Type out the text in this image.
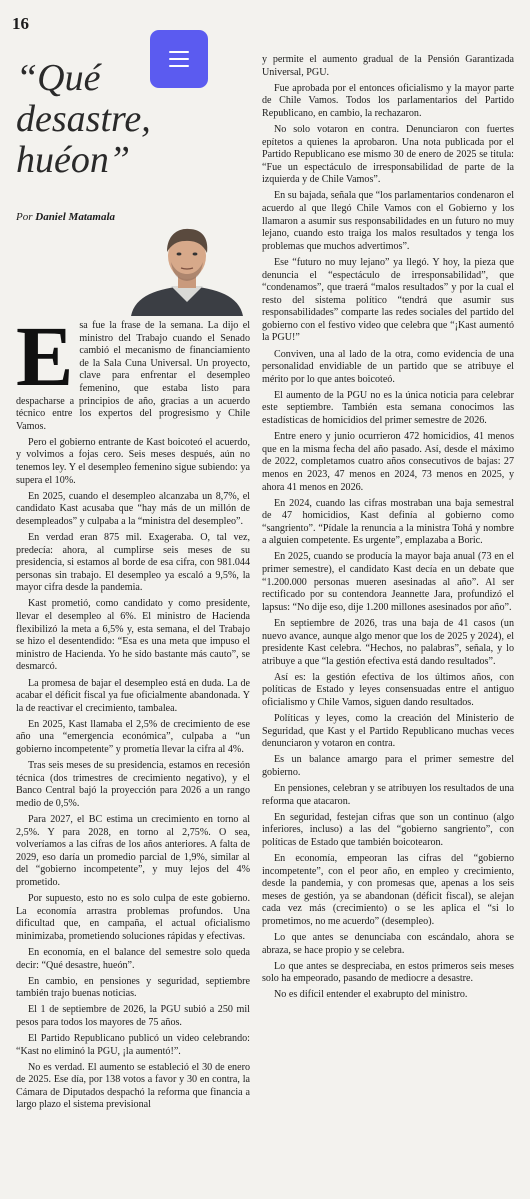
16
“Qué
desastre,
huéon”
Por Daniel Matamala

Esa fue la frase de la semana. La dijo el ministro del Trabajo cuando el Senado cambió el mecanismo de financiamiento de la Sala Cuna Universal. Un proyecto, clave para enfrentar el desempleo femenino, que estaba listo para despacharse a principios de año, gracias a un acuerdo técnico entre los expertos del progresismo y Chile Vamos.

Pero el gobierno entrante de Kast boicoteó el acuerdo, y volvimos a fojas cero. Seis meses después, aún no tenemos ley. Y el desempleo femenino sigue subiendo: ya supera el 10%.

En 2025, cuando el desempleo alcanzaba un 8,7%, el candidato Kast acusaba que “hay más de un millón de desempleados” y culpaba a la “ministra del desempleo”.

En verdad eran 875 mil. Exageraba. O, tal vez, predecía: ahora, al cumplirse seis meses de su presidencia, si estamos al borde de esa cifra, con 981.044 personas sin trabajo. El desempleo ya escaló a 9,5%, la mayor cifra desde la pandemia.

Kast prometió, como candidato y como presidente, llevar el desempleo al 6%. El ministro de Hacienda flexibilizó la meta a 6,5% y, esta semana, el del Trabajo se hizo el desentendido: “Esa es una meta que impuso el ministro de Hacienda. Yo he sido bastante más cauto”, se desmarcó.

La promesa de bajar el desempleo está en duda. La de acabar el déficit fiscal ya fue oficialmente abandonada. Y la de reactivar el crecimiento, tambalea.

En 2025, Kast llamaba el 2,5% de crecimiento de ese año una “emergencia económica”, culpaba a “un gobierno incompetente” y prometía llevar la cifra al 4%.

Tras seis meses de su presidencia, estamos en recesión técnica (dos trimestres de crecimiento negativo), y el Banco Central bajó la proyección para 2026 a un rango medio de 0,5%.

Para 2027, el BC estima un crecimiento en torno al 2,5%. Y para 2028, en torno al 2,75%. O sea, volveríamos a las cifras de los años anteriores. A falta de 2029, eso daría un promedio parcial de 1,9%, similar al del “gobierno incompetente”, y muy lejos del 4% prometido.

Por supuesto, esto no es solo culpa de este gobierno. La economía arrastra problemas profundos. Una dificultad que, en campaña, el actual oficialismo minimizaba, prometiendo soluciones rápidas y efectivas.

En economía, en el balance del semestre solo queda decir: “Qué desastre, hueón”.

En cambio, en pensiones y seguridad, septiembre también trajo buenas noticias.

El 1 de septiembre de 2026, la PGU subió a 250 mil pesos para todos los mayores de 75 años.

El Partido Republicano publicó un video celebrando: “Kast no eliminó la PGU, ¡la aumentó!”.

No es verdad. El aumento se estableció el 30 de enero de 2025. Ese día, por 138 votos a favor y 30 en contra, la Cámara de Diputados despachó la reforma que financia a largo plazo el sistema previsional

y permite el aumento gradual de la Pensión Garantizada Universal, PGU.

Fue aprobada por el entonces oficialismo y la mayor parte de Chile Vamos. Todos los parlamentarios del Partido Republicano, en cambio, la rechazaron.

No solo votaron en contra. Denunciaron con fuertes epítetos a quienes la aprobaron. Una nota publicada por el Partido Republicano ese mismo 30 de enero de 2025 se titula: “Fue un espectáculo de irresponsabilidad de parte de la izquierda y de Chile Vamos”.

En su bajada, señala que “los parlamentarios condenaron el acuerdo al que llegó Chile Vamos con el Gobierno y los llamaron a asumir sus responsabilidades en un futuro no muy lejano, cuando esto traiga los malos resultados y tenga los problemas que muchos advertimos”.

Ese “futuro no muy lejano” ya llegó. Y hoy, la pieza que denuncia el “espectáculo de irresponsabilidad”, que “condenamos”, que traerá “malos resultados” y por la cual el resto del sistema político “tendrá que asumir sus responsabilidades” comparte las redes sociales del partido del gobierno con el festivo video que celebra que “¡Kast aumentó la PGU!”

Conviven, una al lado de la otra, como evidencia de una personalidad envidiable de un partido que se atribuye el mérito por lo que antes boicoteó.

El aumento de la PGU no es la única noticia para celebrar este septiembre. También esta semana conocimos las estadísticas de homicidios del primer semestre de 2026.

Entre enero y junio ocurrieron 472 homicidios, 41 menos que en la misma fecha del año pasado. Así, desde el máximo de 2022, completamos cuatro años consecutivos de bajas: 27 menos en 2023, 47 menos en 2024, 73 menos en 2025, y ahora 41 menos en 2026.

En 2024, cuando las cifras mostraban una baja semestral de 47 homicidios, Kast definía al gobierno como “sangriento”. “Pídale la renuncia a la ministra Tohá y nombre a alguien competente. Es urgente”, emplazaba a Boric.

En 2025, cuando se producía la mayor baja anual (73 en el primer semestre), el candidato Kast decía en un debate que “1.200.000 personas mueren asesinadas al año”. Al ser rectificado por su contendora Jeannette Jara, profundizó el lapsus: “No dije eso, dije 1.200 millones asesinados por año”.

En septiembre de 2026, tras una baja de 41 casos (un nuevo avance, aunque algo menor que los de 2025 y 2024), el presidente Kast celebra. “Hechos, no palabras”, señala, y lo atribuye a que “la gestión efectiva está dando resultados”.

Así es: la gestión efectiva de los últimos años, con políticas de Estado y leyes consensuadas entre el antiguo oficialismo y Chile Vamos, siguen dando resultados.

Políticas y leyes, como la creación del Ministerio de Seguridad, que Kast y el Partido Republicano muchas veces denunciaron y votaron en contra.

Es un balance amargo para el primer semestre del gobierno.

En pensiones, celebran y se atribuyen los resultados de una reforma que atacaron.

En seguridad, festejan cifras que son un continuo (algo inferiores, incluso) a las del “gobierno sangriento”, con políticas de Estado que también boicotearon.

En economía, empeoran las cifras del “gobierno incompetente”, con el peor año, en empleo y crecimiento, desde la pandemia, y con promesas que, apenas a los seis meses de gestión, ya se abandonan (déficit fiscal), se alejan cada vez más (crecimiento) o se les aplica el “si lo prometimos, no me acuerdo” (desempleo).

Lo que antes se denunciaba con escándalo, ahora se abraza, se hace propio y se celebra.

Lo que antes se despreciaba, en estos primeros seis meses solo ha empeorado, pasando de mediocre a desastre.

No es difícil entender el exabrupto del ministro.
